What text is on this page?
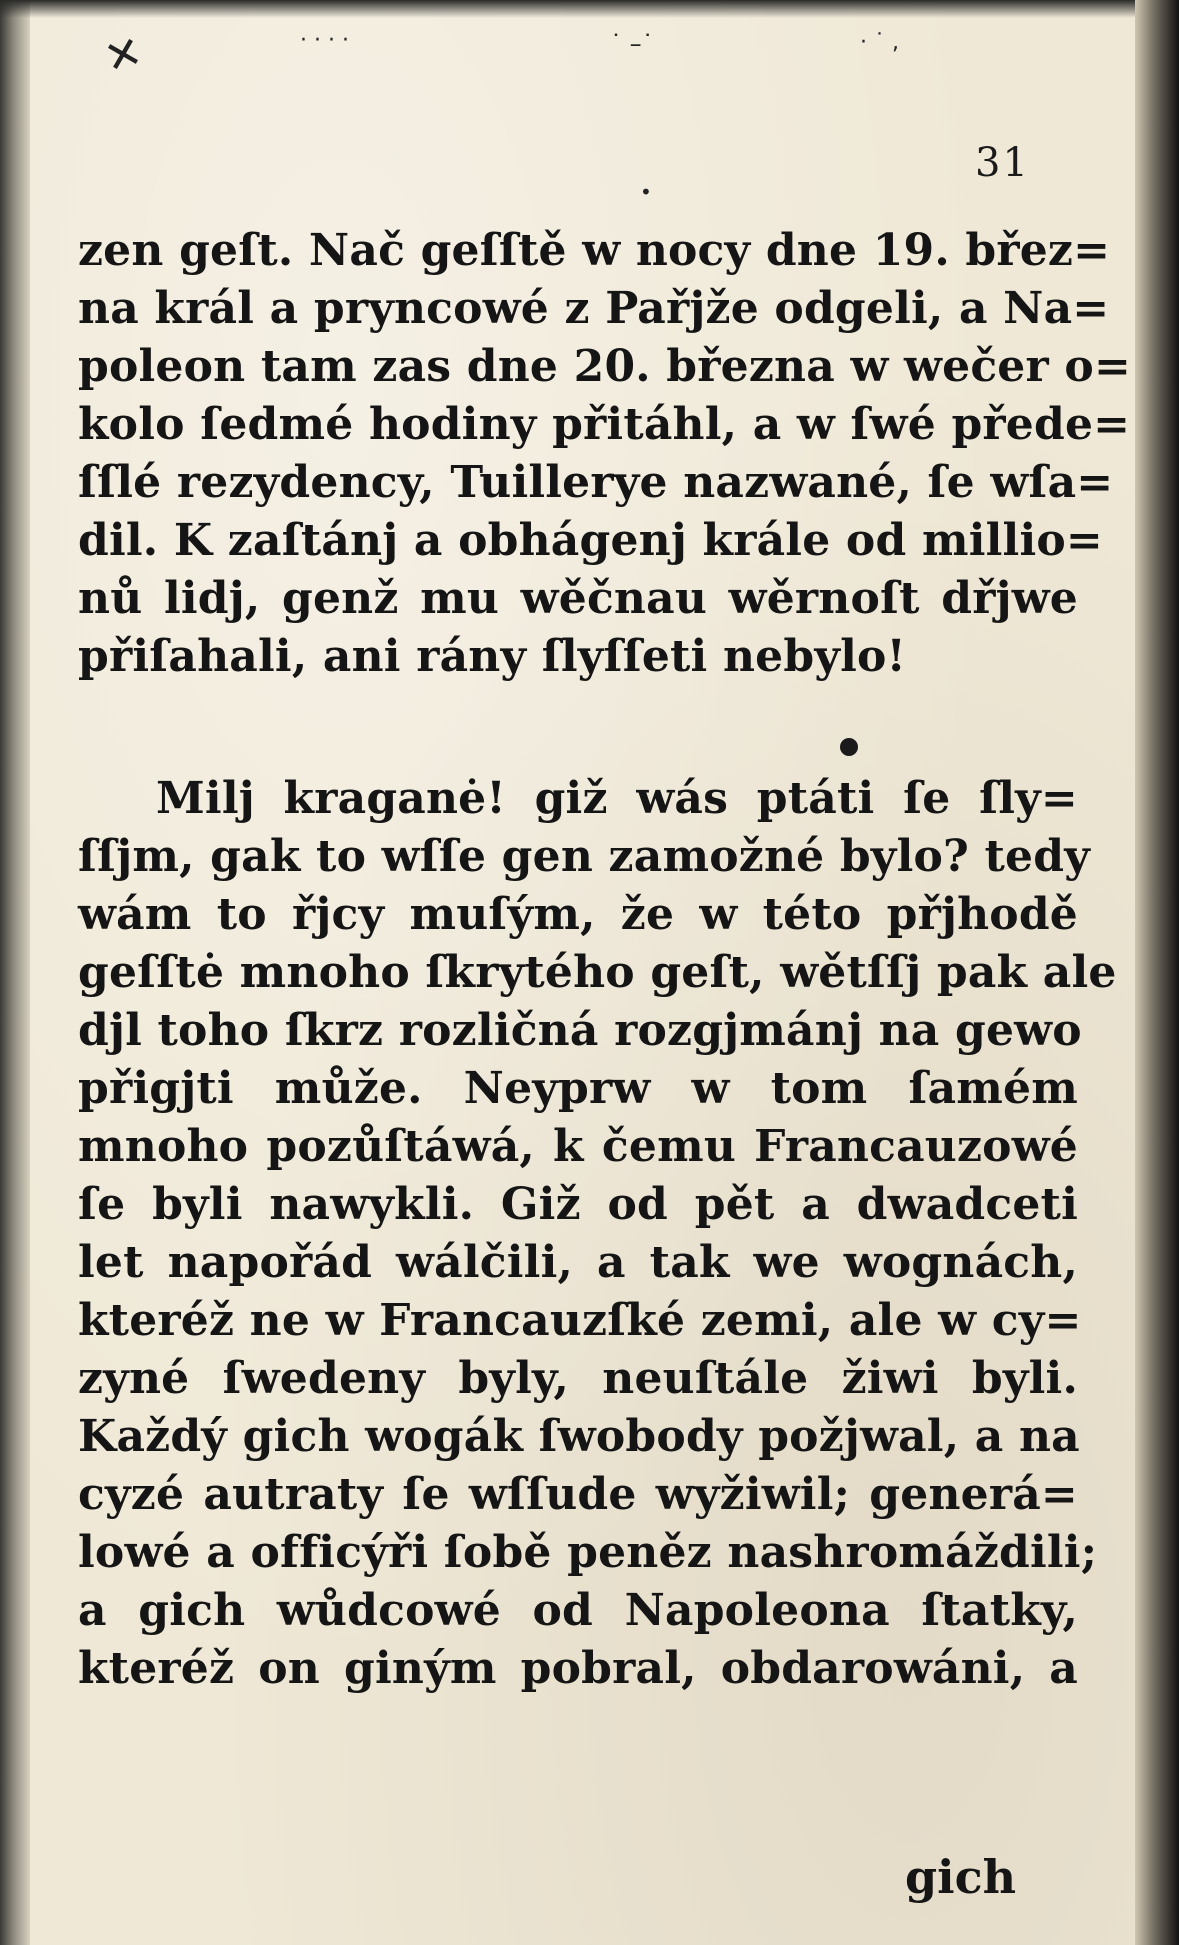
✕	· · · ·	˙ –˙	· ˙ ,
•
31
zen geſt. Nač geſſtě w nocy dne 19. břez=
na král a pryncowé z Pařjže odgeli, a Na=
poleon tam zas dne 20. března w wečer o=
kolo ſedmé hodiny přitáhl, a w ſwé přede=
ſſlé rezydency, Tuillerye nazwané, ſe wſa=
dil. K zaſtánj a obhágenj krále od millio=
nů lidj, genž mu wěčnau wěrnoſt dřjwe
přiſahali, ani rány ſlyſſeti nebylo!
Milj kraganė! giž wás ptáti ſe ſly=
ſſjm, gak to wſſe gen zamožné bylo? tedy
wám to řjcy muſým, že w této přjhodě
geſſtė mnoho ſkrytého geſt, wětſſj pak ale
djl toho ſkrz rozličná rozgjmánj na gewo
přigjti může. Neyprw w tom ſamém
mnoho pozůſtáwá, k čemu Francauzowé
ſe byli nawykli. Giž od pět a dwadceti
let napořád wálčili, a tak we wognách,
kteréž ne w Francauzſké zemi, ale w cy=
zyné ſwedeny byly, neuſtále žiwi byli.
Každý gich wogák ſwobody požjwal, a na
cyzé autraty ſe wſſude wyžiwil; generá=
lowé a officýři ſobě peněz nashromáždili;
a gich wůdcowé od Napoleona ſtatky,
kteréž on giným pobral, obdarowáni, a
gich
